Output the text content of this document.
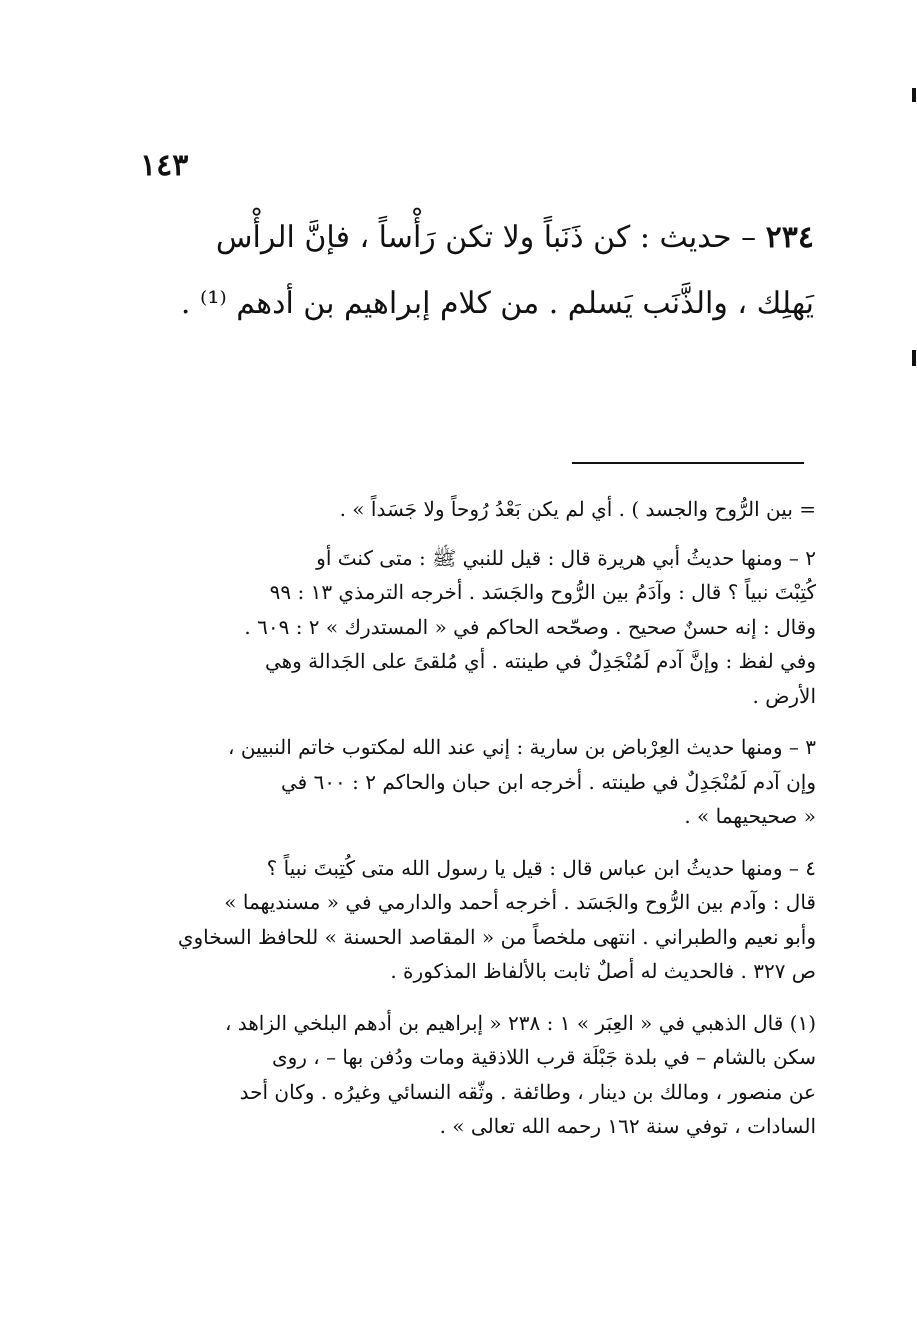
١٤٣
٢٣٤ – حديث : كن ذَنَباً ولا تكن رَأْساً ، فإنَّ الرأْس
يَهلِك ، والذَّنَب يَسلم . من كلام إبراهيم بن أدهم ⁽¹⁾ .
= بين الرُّوح والجسد ) . أي لم يكن بَعْدُ رُوحاً ولا جَسَداً » .
٢ – ومنها حديثُ أبي هريرة قال : قيل للنبي ﷺ : متى كنتَ أو
كُتِبْتَ نبياً ؟ قال : وآدَمُ بين الرُّوح والجَسَد . أخرجه الترمذي ١٣ : ٩٩
وقال : إنه حسنٌ صحيح . وصحّحه الحاكم في « المستدرك » ٢ : ٦٠٩ .
وفي لفظ : وإنَّ آدم لَمُنْجَدِلٌ في طينته . أي مُلقىً على الجَدالة وهي
الأرض .
٣ – ومنها حديث العِرْباض بن سارية : إني عند الله لمكتوب خاتم النبيين ،
وإن آدم لَمُنْجَدِلٌ في طينته . أخرجه ابن حبان والحاكم ٢ : ٦٠٠ في
« صحيحيهما » .
٤ – ومنها حديثُ ابن عباس قال : قيل يا رسول الله متى كُتِبتَ نبياً ؟
قال : وآدم بين الرُّوح والجَسَد . أخرجه أحمد والدارمي في « مسنديهما »
وأبو نعيم والطبراني . انتهى ملخصاً من « المقاصد الحسنة » للحافظ السخاوي
ص ٣٢٧ . فالحديث له أصلٌ ثابت بالألفاظ المذكورة .
(١) قال الذهبي في « العِبَر » ١ : ٢٣٨ « إبراهيم بن أدهم البلخي الزاهد ،
سكن بالشام – في بلدة جَبْلَة قرب اللاذقية ومات ودُفن بها – ، روى
عن منصور ، ومالك بن دينار ، وطائفة . وثّقه النسائي وغيرُه . وكان أحد
السادات ، توفي سنة ١٦٢ رحمه الله تعالى » .
